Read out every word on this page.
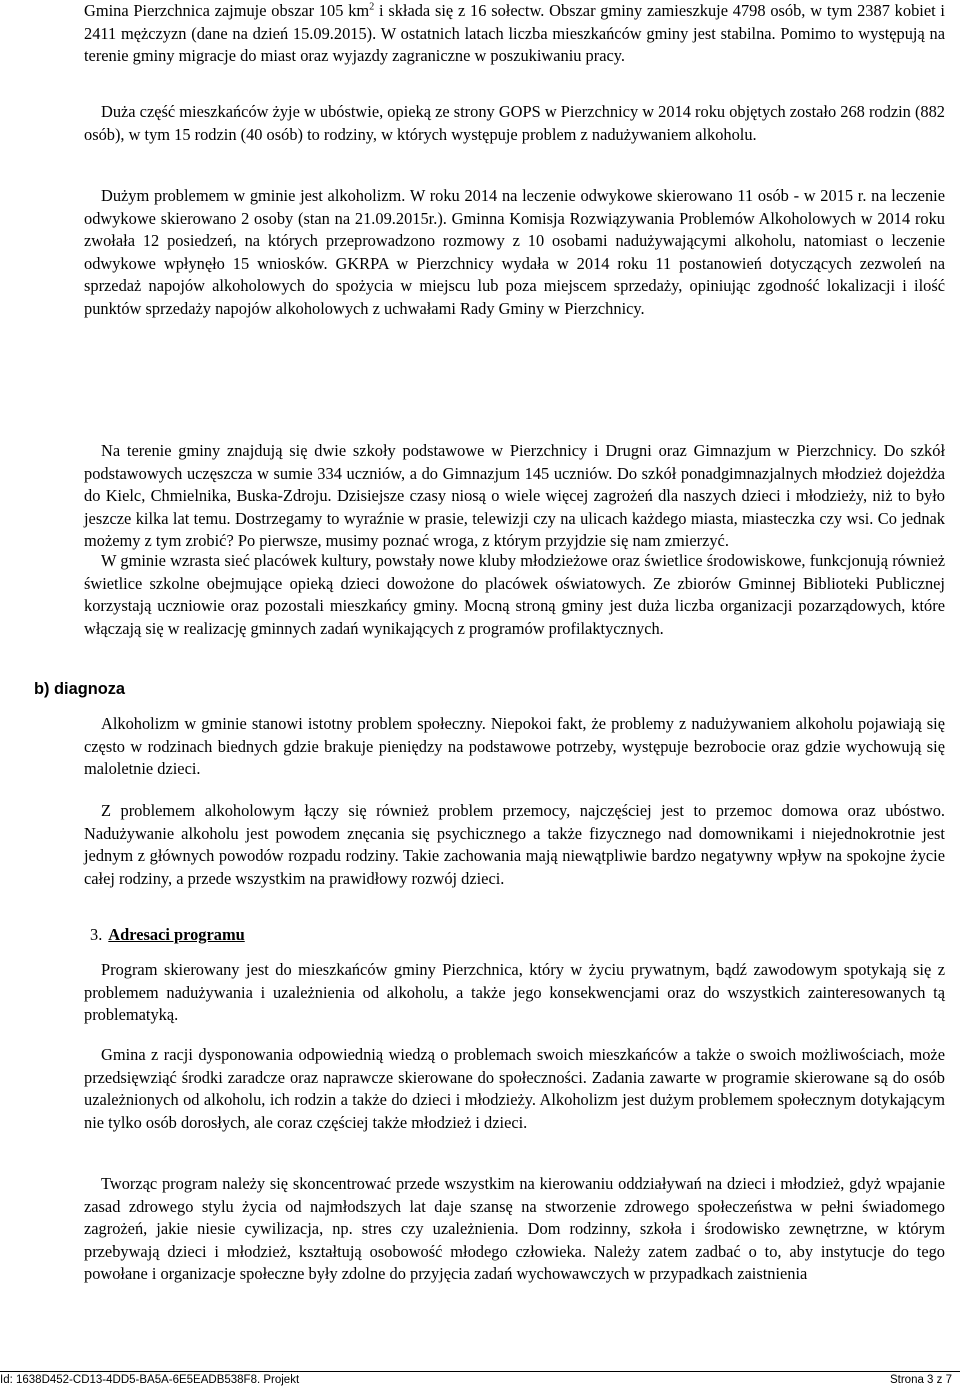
Gmina Pierzchnica zajmuje obszar 105 $km^2$ i składa się z 16 sołectw. Obszar gminy zamieszkuje 4798 osób, w tym 2387 kobiet i 2411 mężczyzn (dane na dzień 15.09.2015). W ostatnich latach liczba mieszkańców gminy jest stabilna. Pomimo to występują na terenie gminy migracje do miast oraz wyjazdy zagraniczne w poszukiwaniu pracy.

Duża część mieszkańców żyje w ubóstwie, opieką ze strony GOPS w Pierzchnicy w 2014 roku objętych zostało 268 rodzin (882 osób), w tym 15 rodzin (40 osób) to rodziny, w których występuje problem z nadużywaniem alkoholu.

Dużym problemem w gminie jest alkoholizm. W roku 2014 na leczenie odwykowe skierowano 11 osób - w 2015 r. na leczenie odwykowe skierowano 2 osoby (stan na 21.09.2015r.). Gminna Komisja Rozwiązywania Problemów Alkoholowych w 2014 roku zwołała 12 posiedzeń, na których przeprowadzono rozmowy z 10 osobami nadużywającymi alkoholu, natomiast o leczenie odwykowe wpłynęło 15 wniosków. GKRPA w Pierzchnicy wydała w 2014 roku 11 postanowień dotyczących zezwoleń na sprzedaż napojów alkoholowych do spożycia w miejscu lub poza miejscem sprzedaży, opiniując zgodność lokalizacji i ilość punktów sprzedaży napojów alkoholowych z uchwałami Rady Gminy w Pierzchnicy.

Na terenie gminy znajdują się dwie szkoły podstawowe w Pierzchnicy i Drugni oraz Gimnazjum w Pierzchnicy. Do szkół podstawowych uczęszcza w sumie 334 uczniów, a do Gimnazjum 145 uczniów. Do szkół ponadgimnazjalnych młodzież dojeżdża do Kielc, Chmielnika, Buska-Zdroju. Dzisiejsze czasy niosą o wiele więcej zagrożeń dla naszych dzieci i młodzieży, niż to było jeszcze kilka lat temu. Dostrzegamy to wyraźnie w prasie, telewizji czy na ulicach każdego miasta, miasteczka czy wsi. Co jednak możemy z tym zrobić? Po pierwsze, musimy poznać wroga, z którym przyjdzie się nam zmierzyć.

W gminie wzrasta sieć placówek kultury, powstały nowe kluby młodzieżowe oraz świetlice środowiskowe, funkcjonują również świetlice szkolne obejmujące opieką dzieci dowożone do placówek oświatowych. Ze zbiorów Gminnej Biblioteki Publicznej korzystają uczniowie oraz pozostali mieszkańcy gminy. Mocną stroną gminy jest duża liczba organizacji pozarządowych, które włączają się w realizację gminnych zadań wynikających z programów profilaktycznych.

b) diagnoza

Alkoholizm w gminie stanowi istotny problem społeczny. Niepokoi fakt, że problemy z nadużywaniem alkoholu pojawiają się często w rodzinach biednych gdzie brakuje pieniędzy na podstawowe potrzeby, występuje bezrobocie oraz gdzie wychowują się maloletnie dzieci.

Z problemem alkoholowym łączy się również problem przemocy, najczęściej jest to przemoc domowa oraz ubóstwo. Nadużywanie alkoholu jest powodem znęcania się psychicznego a także fizycznego nad domownikami i niejednokrotnie jest jednym z głównych powodów rozpadu rodziny. Takie zachowania mają niewątpliwie bardzo negatywny wpływ na spokojne życie całej rodziny, a przede wszystkim na prawidłowy rozwój dzieci.

3. Adresaci programu

Program skierowany jest do mieszkańców gminy Pierzchnica, który w życiu prywatnym, bądź zawodowym spotykają się z problemem nadużywania i uzależnienia od alkoholu, a także jego konsekwencjami oraz do wszystkich zainteresowanych tą problematyką.

Gmina z racji dysponowania odpowiednią wiedzą o problemach swoich mieszkańców a także o swoich możliwościach, może przedsięwziąć środki zaradcze oraz naprawcze skierowane do społeczności. Zadania zawarte w programie skierowane są do osób uzależnionych od alkoholu, ich rodzin a także do dzieci i młodzieży. Alkoholizm jest dużym problemem społecznym dotykającym nie tylko osób dorosłych, ale coraz częściej także młodzież i dzieci.

Tworząc program należy się skoncentrować przede wszystkim na kierowaniu oddziaływań na dzieci i młodzież, gdyż wpajanie zasad zdrowego stylu życia od najmłodszych lat daje szansę na stworzenie zdrowego społeczeństwa w pełni świadomego zagrożeń, jakie niesie cywilizacja, np. stres czy uzależnienia. Dom rodzinny, szkoła i środowisko zewnętrzne, w którym przebywają dzieci i młodzież, kształtują osobowość młodego człowieka. Należy zatem zadbać o to, aby instytucje do tego powołane i organizacje społeczne były zdolne do przyjęcia zadań wychowawczych w przypadkach zaistnienia

Id: 1638D452-CD13-4DD5-BA5A-6E5EADB538F8. Projekt	Strona 3 z 7
